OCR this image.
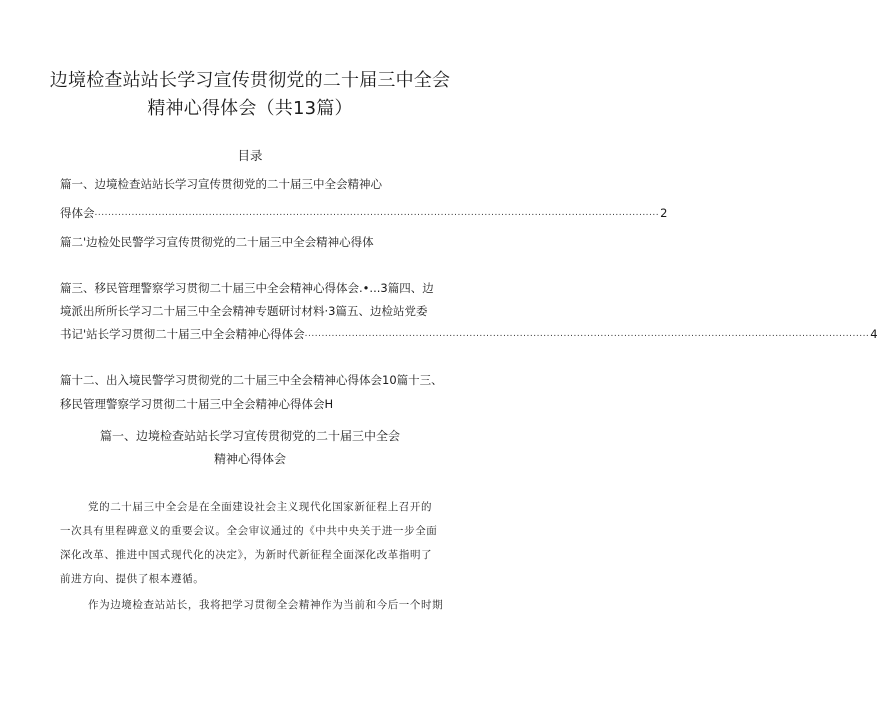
边境检查站站长学习宣传贯彻党的二十届三中全会
精神心得体会（共13篇）
目录
篇一、边境检查站站长学习宣传贯彻党的二十届三中全会精神心
得体会 ........................................................................................................................................................................ 2
篇二'边检处民警学习宣传贯彻党的二十届三中全会精神心得体
篇三、移民管理警察学习贯彻二十届三中全会精神心得体会.•...3篇四、边
境派出所所长学习二十届三中全会精神专题研讨材料·3篇五、边检站党委
书记'站长学习贯彻二十届三中全会精神心得体会 ........................................................................................................................................................................ 4
篇十二、出入境民警学习贯彻党的二十届三中全会精神心得体会10篇十三、
移民管理警察学习贯彻二十届三中全会精神心得体会H
篇一、边境检查站站长学习宣传贯彻党的二十届三中全会
精神心得体会
党的二十届三中全会是在全面建设社会主义现代化国家新征程上召开的
一次具有里程碑意义的重要会议。全会审议通过的《中共中央关于进一步全面
深化改革、推进中国式现代化的决定》，为新时代新征程全面深化改革指明了
前进方向、提供了根本遵循。
作为边境检查站站长，我将把学习贯彻全会精神作为当前和今后一个时期
